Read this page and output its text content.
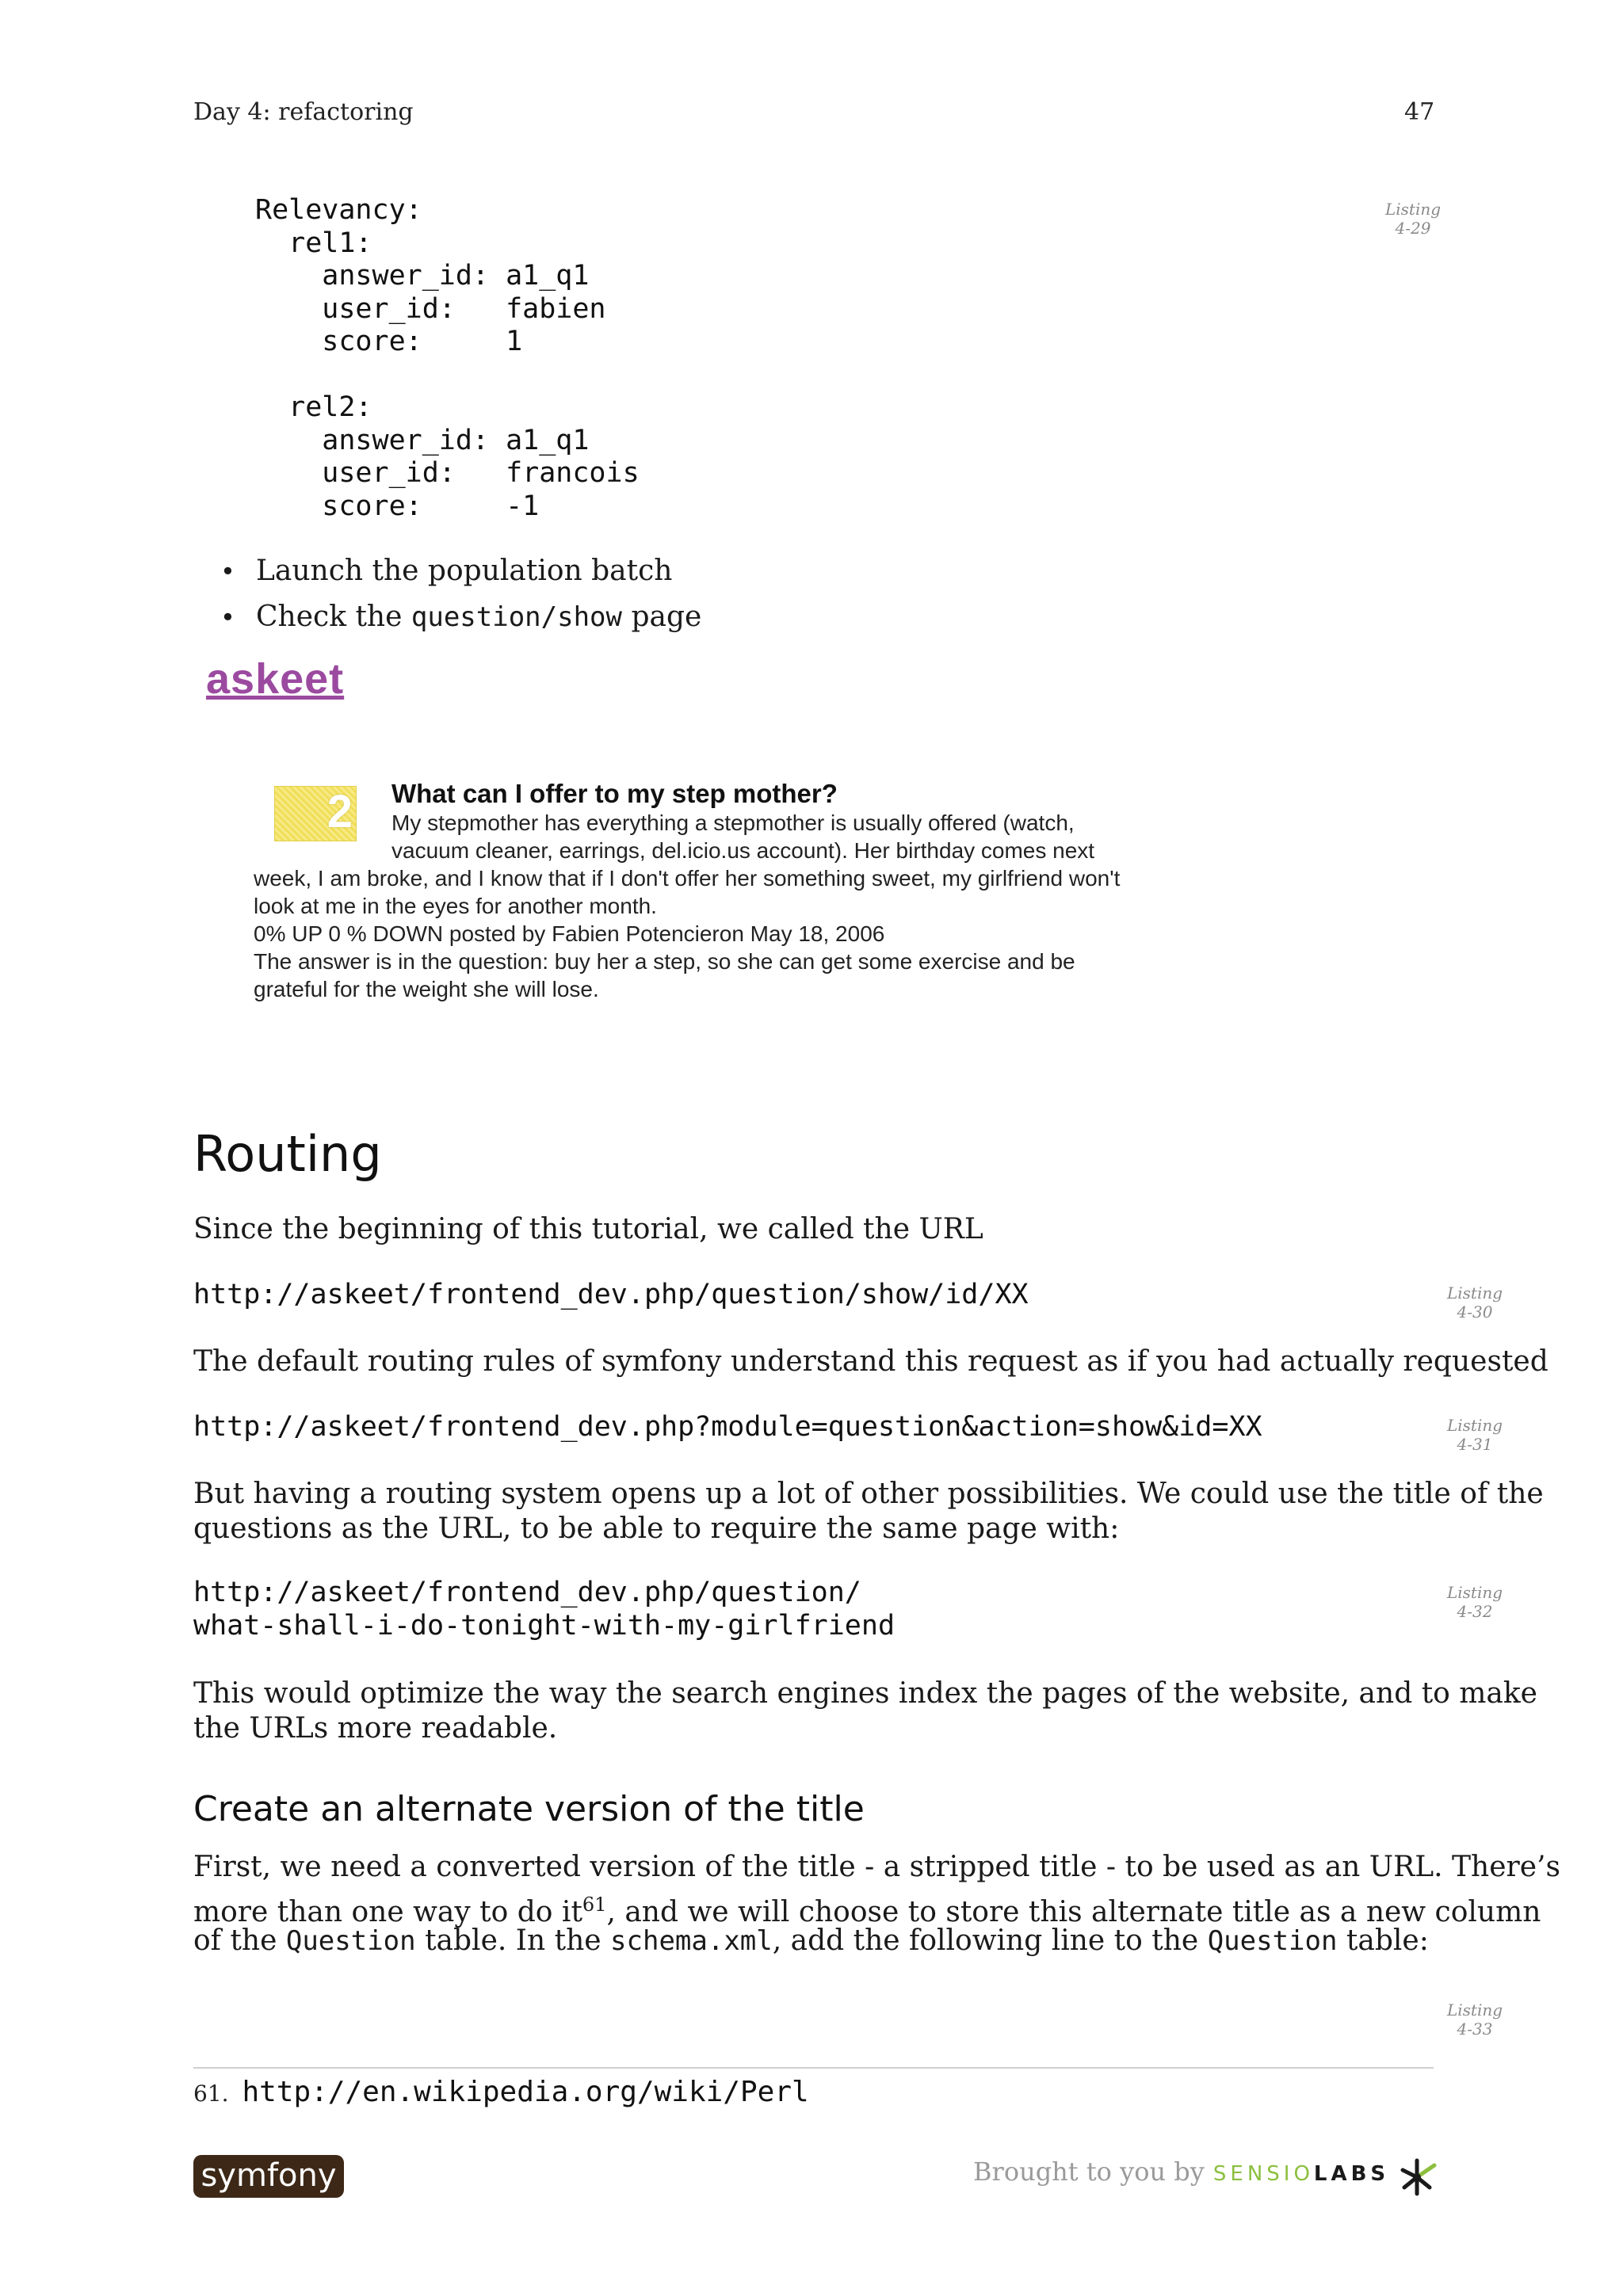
Day 4: refactoring	47
Relevancy:
rel1:
answer_id: a1_q1
user_id:   fabien
score:     1

rel2:
answer_id: a1_q1
user_id:   francois
score:     -1
Listing
4-29
• Launch the population batch
• Check the question/show page
askeet
2 What can I offer to my step mother?
My stepmother has everything a stepmother is usually offered (watch,
vacuum cleaner, earrings, del.icio.us account). Her birthday comes next
week, I am broke, and I know that if I don't offer her something sweet, my girlfriend won't
look at me in the eyes for another month.
0% UP 0 % DOWN posted by Fabien Potencieron May 18, 2006
The answer is in the question: buy her a step, so she can get some exercise and be
grateful for the weight she will lose.
Routing
Since the beginning of this tutorial, we called the URL
http://askeet/frontend_dev.php/question/show/id/XX	Listing
4-30
The default routing rules of symfony understand this request as if you had actually requested
http://askeet/frontend_dev.php?module=question&action=show&id=XX	Listing
4-31
But having a routing system opens up a lot of other possibilities. We could use the title of the
questions as the URL, to be able to require the same page with:
http://askeet/frontend_dev.php/question/
what-shall-i-do-tonight-with-my-girlfriend
Listing
4-32
This would optimize the way the search engines index the pages of the website, and to make
the URLs more readable.
Create an alternate version of the title
First, we need a converted version of the title - a stripped title - to be used as an URL. There’s
more than one way to do $it^{61}$, and we will choose to store this alternate title as a new column
of the Question table. In the schema.xml, add the following line to the Question table:
Listing
4-33
61. http://en.wikipedia.org/wiki/Perl
symfony	Brought to you by SENSIOLABS
